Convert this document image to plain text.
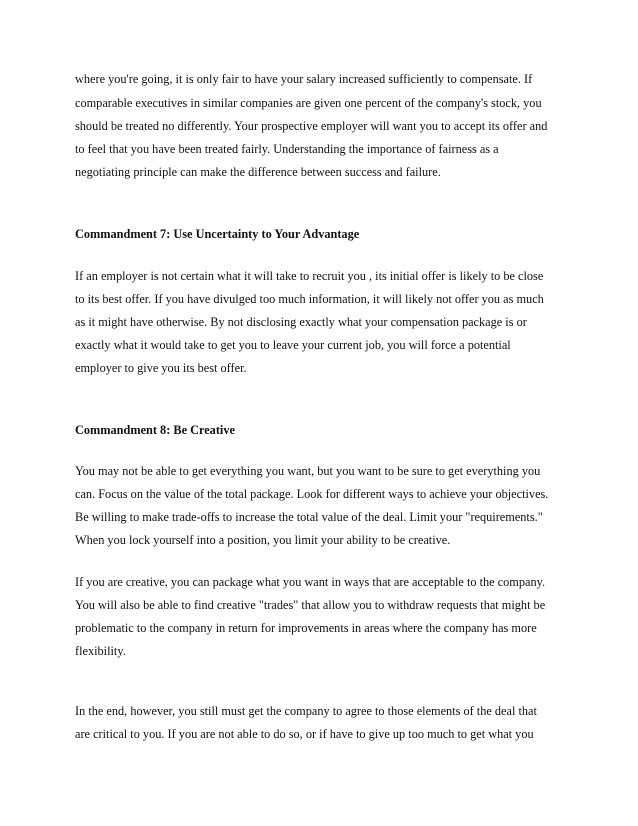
where you're going, it is only fair to have your salary increased sufficiently to compensate. If
comparable executives in similar companies are given one percent of the company's stock, you
should be treated no differently. Your prospective employer will want you to accept its offer and
to feel that you have been treated fairly. Understanding the importance of fairness as a
negotiating principle can make the difference between success and failure.
Commandment 7: Use Uncertainty to Your Advantage
If an employer is not certain what it will take to recruit you , its initial offer is likely to be close
to its best offer. If you have divulged too much information, it will likely not offer you as much
as it might have otherwise. By not disclosing exactly what your compensation package is or
exactly what it would take to get you to leave your current job, you will force a potential
employer to give you its best offer.
Commandment 8: Be Creative
You may not be able to get everything you want, but you want to be sure to get everything you
can. Focus on the value of the total package. Look for different ways to achieve your objectives.
Be willing to make trade-offs to increase the total value of the deal. Limit your "requirements."
When you lock yourself into a position, you limit your ability to be creative.
If you are creative, you can package what you want in ways that are acceptable to the company.
You will also be able to find creative "trades" that allow you to withdraw requests that might be
problematic to the company in return for improvements in areas where the company has more
flexibility.
In the end, however, you still must get the company to agree to those elements of the deal that
are critical to you. If you are not able to do so, or if have to give up too much to get what you
